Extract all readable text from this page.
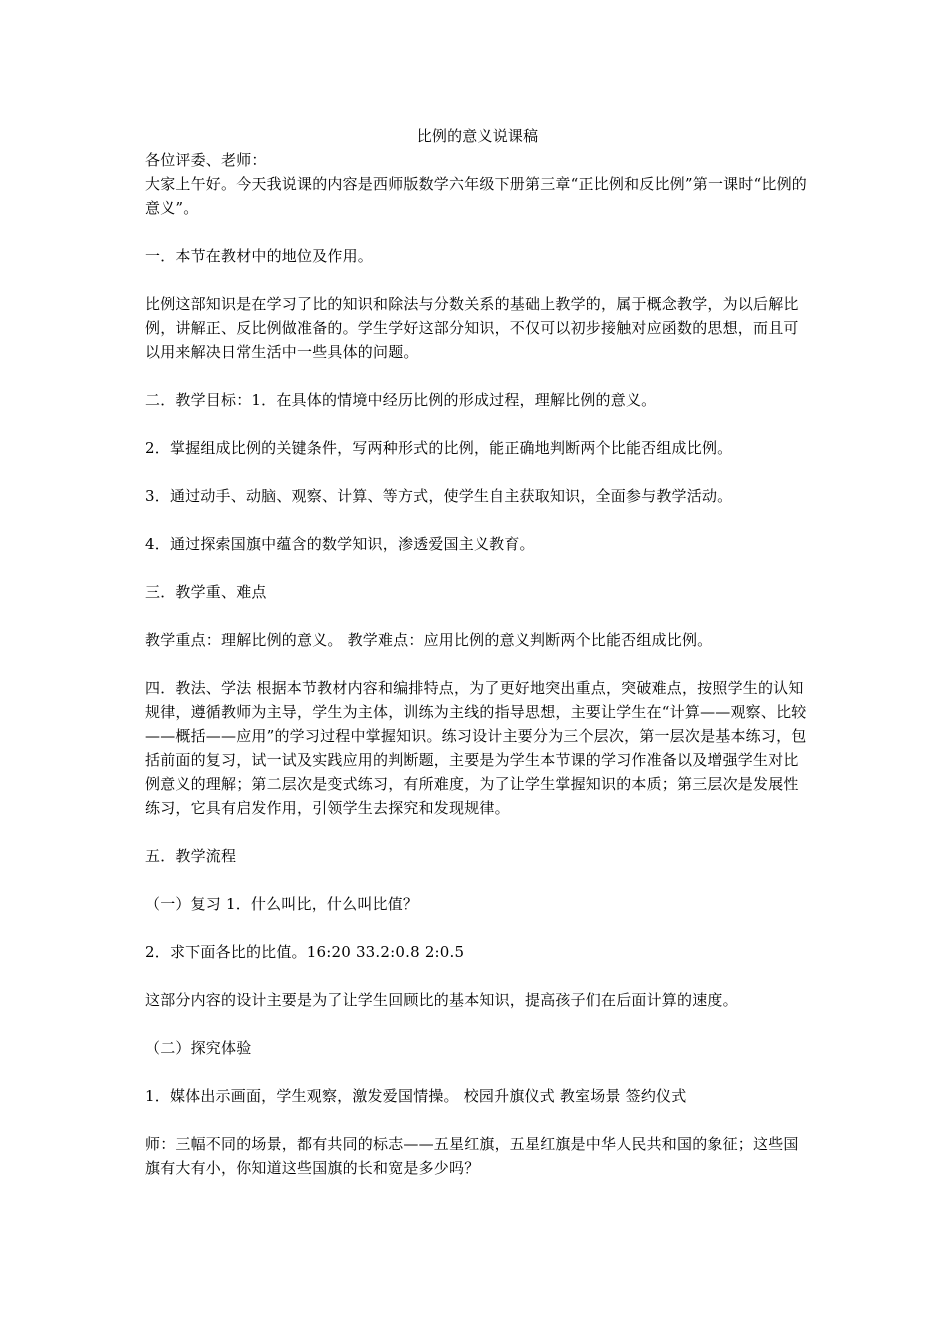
比例的意义说课稿

各位评委、老师：

大家上午好。今天我说课的内容是西师版数学六年级下册第三章“正比例和反比例”第一课时“比例的意义”。

一．本节在教材中的地位及作用。

比例这部知识是在学习了比的知识和除法与分数关系的基础上教学的，属于概念教学，为以后解比例，讲解正、反比例做准备的。学生学好这部分知识，不仅可以初步接触对应函数的思想，而且可以用来解决日常生活中一些具体的问题。

二．教学目标：1．在具体的情境中经历比例的形成过程，理解比例的意义。

2．掌握组成比例的关键条件，写两种形式的比例，能正确地判断两个比能否组成比例。

3．通过动手、动脑、观察、计算、等方式，使学生自主获取知识，全面参与教学活动。

4．通过探索国旗中蕴含的数学知识，渗透爱国主义教育。

三．教学重、难点

教学重点：理解比例的意义。 教学难点：应用比例的意义判断两个比能否组成比例。

四．教法、学法 根据本节教材内容和编排特点，为了更好地突出重点，突破难点，按照学生的认知规律，遵循教师为主导，学生为主体，训练为主线的指导思想，主要让学生在“计算——观察、比较——概括——应用”的学习过程中掌握知识。练习设计主要分为三个层次，第一层次是基本练习，包括前面的复习，试一试及实践应用的判断题，主要是为学生本节课的学习作准备以及增强学生对比例意义的理解；第二层次是变式练习，有所难度，为了让学生掌握知识的本质；第三层次是发展性练习，它具有启发作用，引领学生去探究和发现规律。

五．教学流程

（一）复习 1．什么叫比，什么叫比值？

2．求下面各比的比值。16:20 33.2:0.8 2:0.5

这部分内容的设计主要是为了让学生回顾比的基本知识，提高孩子们在后面计算的速度。

（二）探究体验

1．媒体出示画面，学生观察，激发爱国情操。 校园升旗仪式 教室场景 签约仪式

师：三幅不同的场景，都有共同的标志——五星红旗，五星红旗是中华人民共和国的象征；这些国旗有大有小，你知道这些国旗的长和宽是多少吗？
